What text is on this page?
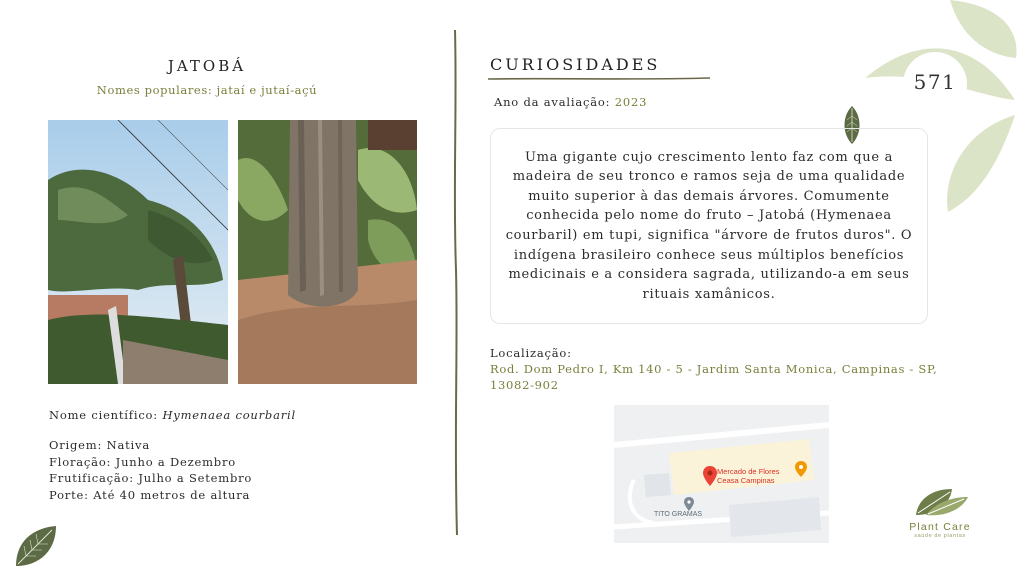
571
JATOBÁ
Nomes populares: jataí e jutaí-açú
Nome científico: Hymenaea courbaril
Origem: Nativa
Floração: Junho a Dezembro
Frutificação: Julho a Setembro
Porte: Até 40 metros de altura
CURIOSIDADES
Ano da avaliação: 2023
Uma gigante cujo crescimento lento faz com que a madeira de seu tronco e ramos seja de uma qualidade muito superior à das demais árvores. Comumente conhecida pelo nome do fruto – Jatobá (Hymenaea courbaril) em tupi, significa "árvore de frutos duros". O indígena brasileiro conhece seus múltiplos benefícios medicinais e a considera sagrada, utilizando-a em seus rituais xamânicos.
Localização:
Rod. Dom Pedro I, Km 140 - 5 - Jardim Santa Monica, Campinas - SP, 13082-902
Mercado de Flores
Ceasa Campinas
TITO GRAMAS
Plant Care
saúde de plantas
